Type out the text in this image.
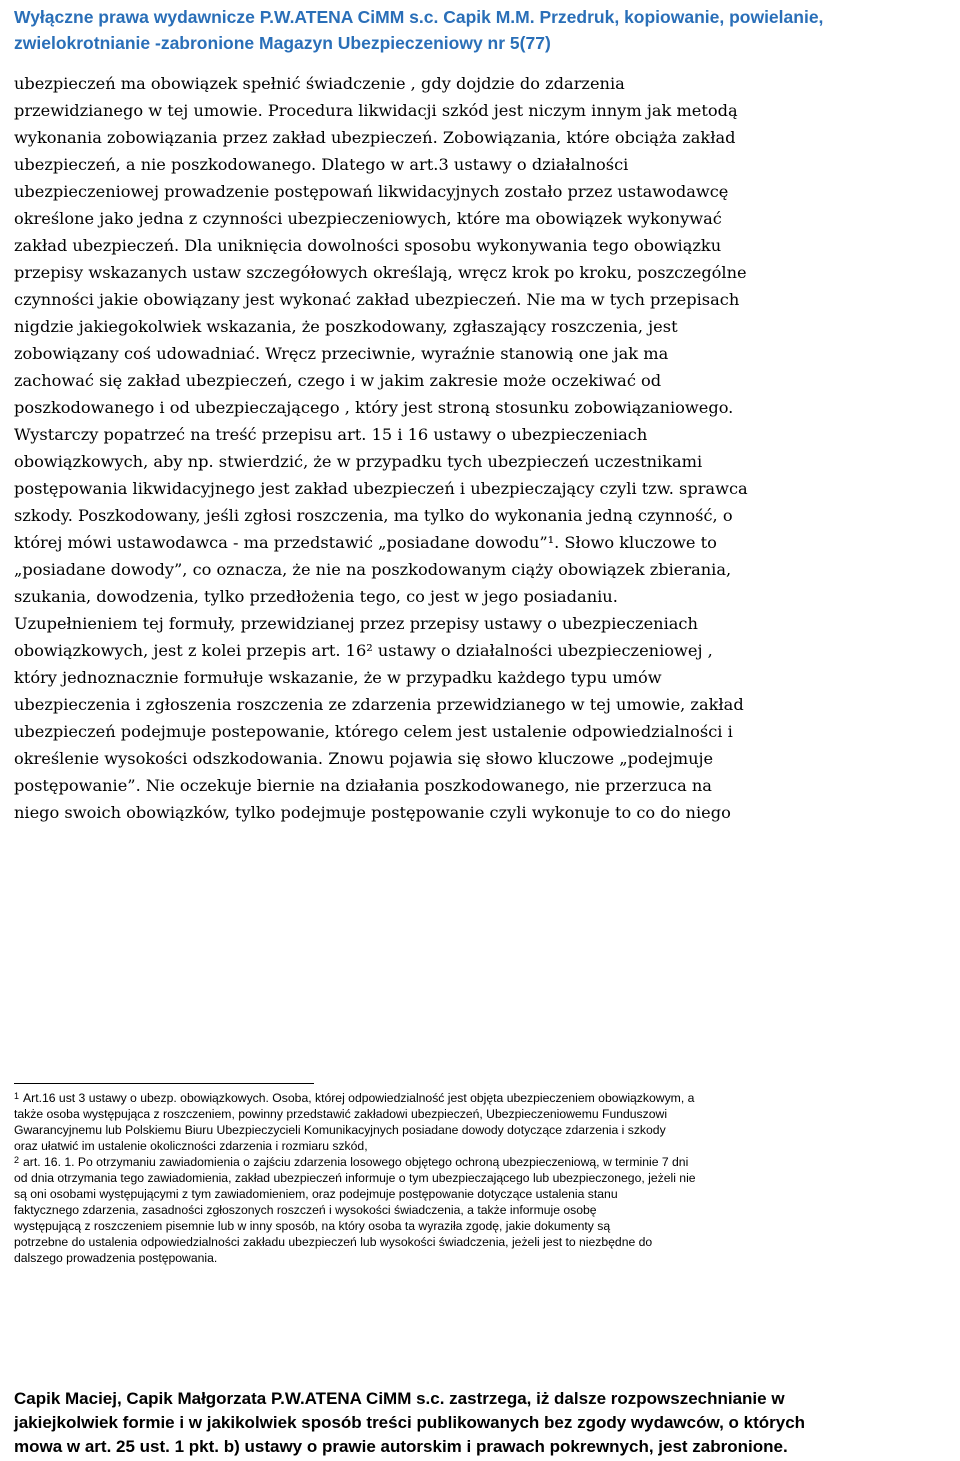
Wyłączne prawa wydawnicze P.W.ATENA CiMM s.c. Capik M.M. Przedruk, kopiowanie, powielanie,
zwielokrotnianie -zabronione Magazyn Ubezpieczeniowy nr 5(77)
ubezpieczeń ma obowiązek spełnić świadczenie , gdy dojdzie do zdarzenia
przewidzianego w tej umowie. Procedura likwidacji szkód jest niczym innym jak metodą
wykonania zobowiązania przez zakład ubezpieczeń. Zobowiązania, które obciąża zakład
ubezpieczeń, a nie poszkodowanego. Dlatego w art.3 ustawy o działalności
ubezpieczeniowej prowadzenie postępowań likwidacyjnych zostało przez ustawodawcę
określone jako jedna z czynności ubezpieczeniowych, które ma obowiązek wykonywać
zakład ubezpieczeń. Dla uniknięcia dowolności sposobu wykonywania tego obowiązku
przepisy wskazanych ustaw szczegółowych określają, wręcz krok po kroku, poszczególne
czynności jakie obowiązany jest wykonać zakład ubezpieczeń. Nie ma w tych przepisach
nigdzie jakiegokolwiek wskazania, że poszkodowany, zgłaszający roszczenia, jest
zobowiązany coś udowadniać. Wręcz przeciwnie, wyraźnie stanowią one jak ma
zachować się zakład ubezpieczeń, czego i w jakim zakresie może oczekiwać od
poszkodowanego i od ubezpieczającego , który jest stroną stosunku zobowiązaniowego.
Wystarczy popatrzeć na treść przepisu art. 15 i 16 ustawy o ubezpieczeniach
obowiązkowych, aby np. stwierdzić, że w przypadku tych ubezpieczeń uczestnikami
postępowania likwidacyjnego jest zakład ubezpieczeń i ubezpieczający czyli tzw. sprawca
szkody. Poszkodowany, jeśli zgłosi roszczenia, ma tylko do wykonania jedną czynność, o
której mówi ustawodawca - ma przedstawić „posiadane dowodu”¹. Słowo kluczowe to
„posiadane dowody”, co oznacza, że nie na poszkodowanym ciąży obowiązek zbierania,
szukania, dowodzenia, tylko przedłożenia tego, co jest w jego posiadaniu.
Uzupełnieniem tej formuły, przewidzianej przez przepisy ustawy o ubezpieczeniach
obowiązkowych, jest z kolei przepis art. 16² ustawy o działalności ubezpieczeniowej ,
który jednoznacznie formułuje wskazanie, że w przypadku każdego typu umów
ubezpieczenia i zgłoszenia roszczenia ze zdarzenia przewidzianego w tej umowie, zakład
ubezpieczeń podejmuje postepowanie, którego celem jest ustalenie odpowiedzialności i
określenie wysokości odszkodowania. Znowu pojawia się słowo kluczowe „podejmuje
postępowanie”. Nie oczekuje biernie na działania poszkodowanego, nie przerzuca na
niego swoich obowiązków, tylko podejmuje postępowanie czyli wykonuje to co do niego
$^1$ Art.16 ust 3 ustawy o ubezp. obowiązkowych. Osoba, której odpowiedzialność jest objęta ubezpieczeniem obowiązkowym, a
także osoba występująca z roszczeniem, powinny przedstawić zakładowi ubezpieczeń, Ubezpieczeniowemu Funduszowi
Gwarancyjnemu lub Polskiemu Biuru Ubezpieczycieli Komunikacyjnych posiadane dowody dotyczące zdarzenia i szkody
oraz ułatwić im ustalenie okoliczności zdarzenia i rozmiaru szkód,
$^2$ art. 16. 1. Po otrzymaniu zawiadomienia o zajściu zdarzenia losowego objętego ochroną ubezpieczeniową, w terminie 7 dni
od dnia otrzymania tego zawiadomienia, zakład ubezpieczeń informuje o tym ubezpieczającego lub ubezpieczonego, jeżeli nie
są oni osobami występującymi z tym zawiadomieniem, oraz podejmuje postępowanie dotyczące ustalenia stanu
faktycznego zdarzenia, zasadności zgłoszonych roszczeń i wysokości świadczenia, a także informuje osobę
występującą z roszczeniem pisemnie lub w inny sposób, na który osoba ta wyraziła zgodę, jakie dokumenty są
potrzebne do ustalenia odpowiedzialności zakładu ubezpieczeń lub wysokości świadczenia, jeżeli jest to niezbędne do
dalszego prowadzenia postępowania.
Capik Maciej, Capik Małgorzata P.W.ATENA CiMM s.c. zastrzega, iż dalsze rozpowszechnianie w
jakiejkolwiek formie i w jakikolwiek sposób treści publikowanych bez zgody wydawców, o których
mowa w art. 25 ust. 1 pkt. b) ustawy o prawie autorskim i prawach pokrewnych, jest zabronione.
